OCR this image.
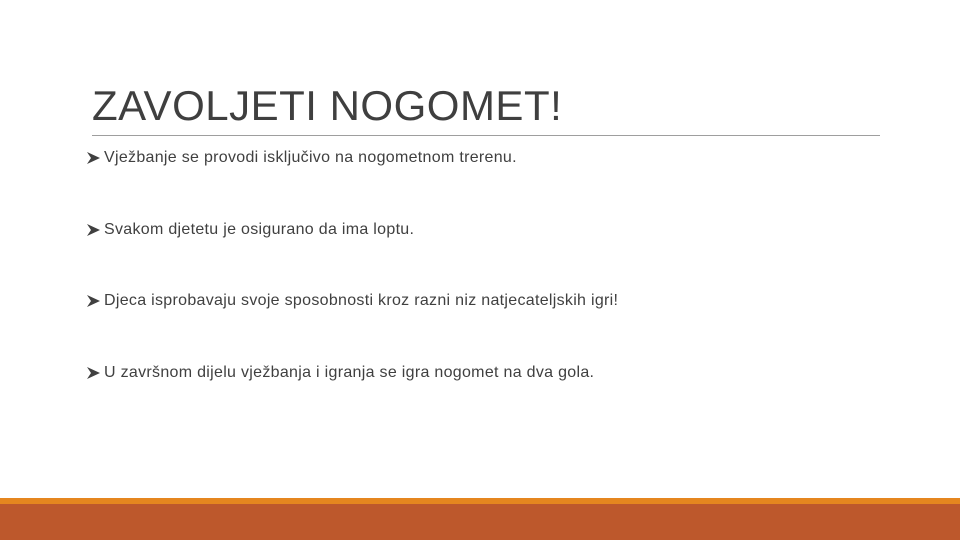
ZAVOLJETI NOGOMET!
Vježbanje se provodi isključivo na nogometnom trerenu.
Svakom djetetu je osigurano da ima loptu.
Djeca isprobavaju svoje sposobnosti kroz razni niz natjecateljskih igri!
U završnom dijelu vježbanja i igranja se igra nogomet na dva gola.
